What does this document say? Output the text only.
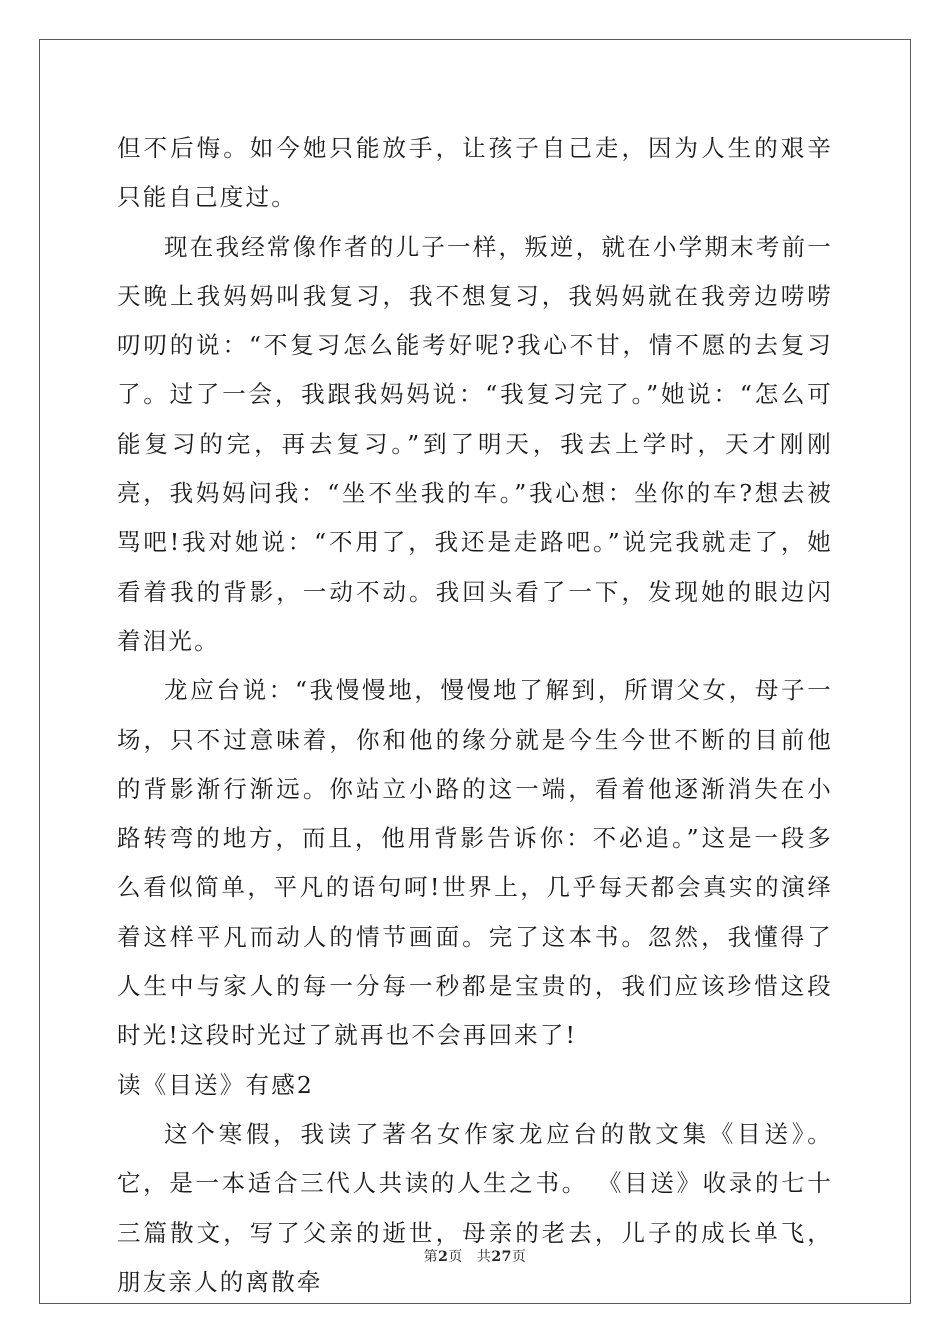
但不后悔。如今她只能放手，让孩子自己走，因为人生的艰辛只能自己度过。

现在我经常像作者的儿子一样，叛逆，就在小学期末考前一天晚上我妈妈叫我复习，我不想复习，我妈妈就在我旁边唠唠叨叨的说：“不复习怎么能考好呢?我心不甘，情不愿的去复习了。过了一会，我跟我妈妈说：“我复习完了。”她说：“怎么可能复习的完，再去复习。”到了明天，我去上学时，天才刚刚亮，我妈妈问我：“坐不坐我的车。”我心想：坐你的车?想去被骂吧!我对她说：“不用了，我还是走路吧。”说完我就走了，她看着我的背影，一动不动。我回头看了一下，发现她的眼边闪着泪光。

龙应台说：“我慢慢地，慢慢地了解到，所谓父女，母子一场，只不过意味着，你和他的缘分就是今生今世不断的目前他的背影渐行渐远。你站立小路的这一端，看着他逐渐消失在小路转弯的地方，而且，他用背影告诉你：不必追。”这是一段多么看似简单，平凡的语句呵!世界上，几乎每天都会真实的演绎着这样平凡而动人的情节画面。完了这本书。忽然，我懂得了人生中与家人的每一分每一秒都是宝贵的，我们应该珍惜这段时光!这段时光过了就再也不会再回来了!

读《目送》有感2

这个寒假，我读了著名女作家龙应台的散文集《目送》。它，是一本适合三代人共读的人生之书。 《目送》收录的七十三篇散文，写了父亲的逝世，母亲的老去，儿子的成长单飞，朋友亲人的离散牵

第2页 共27页
